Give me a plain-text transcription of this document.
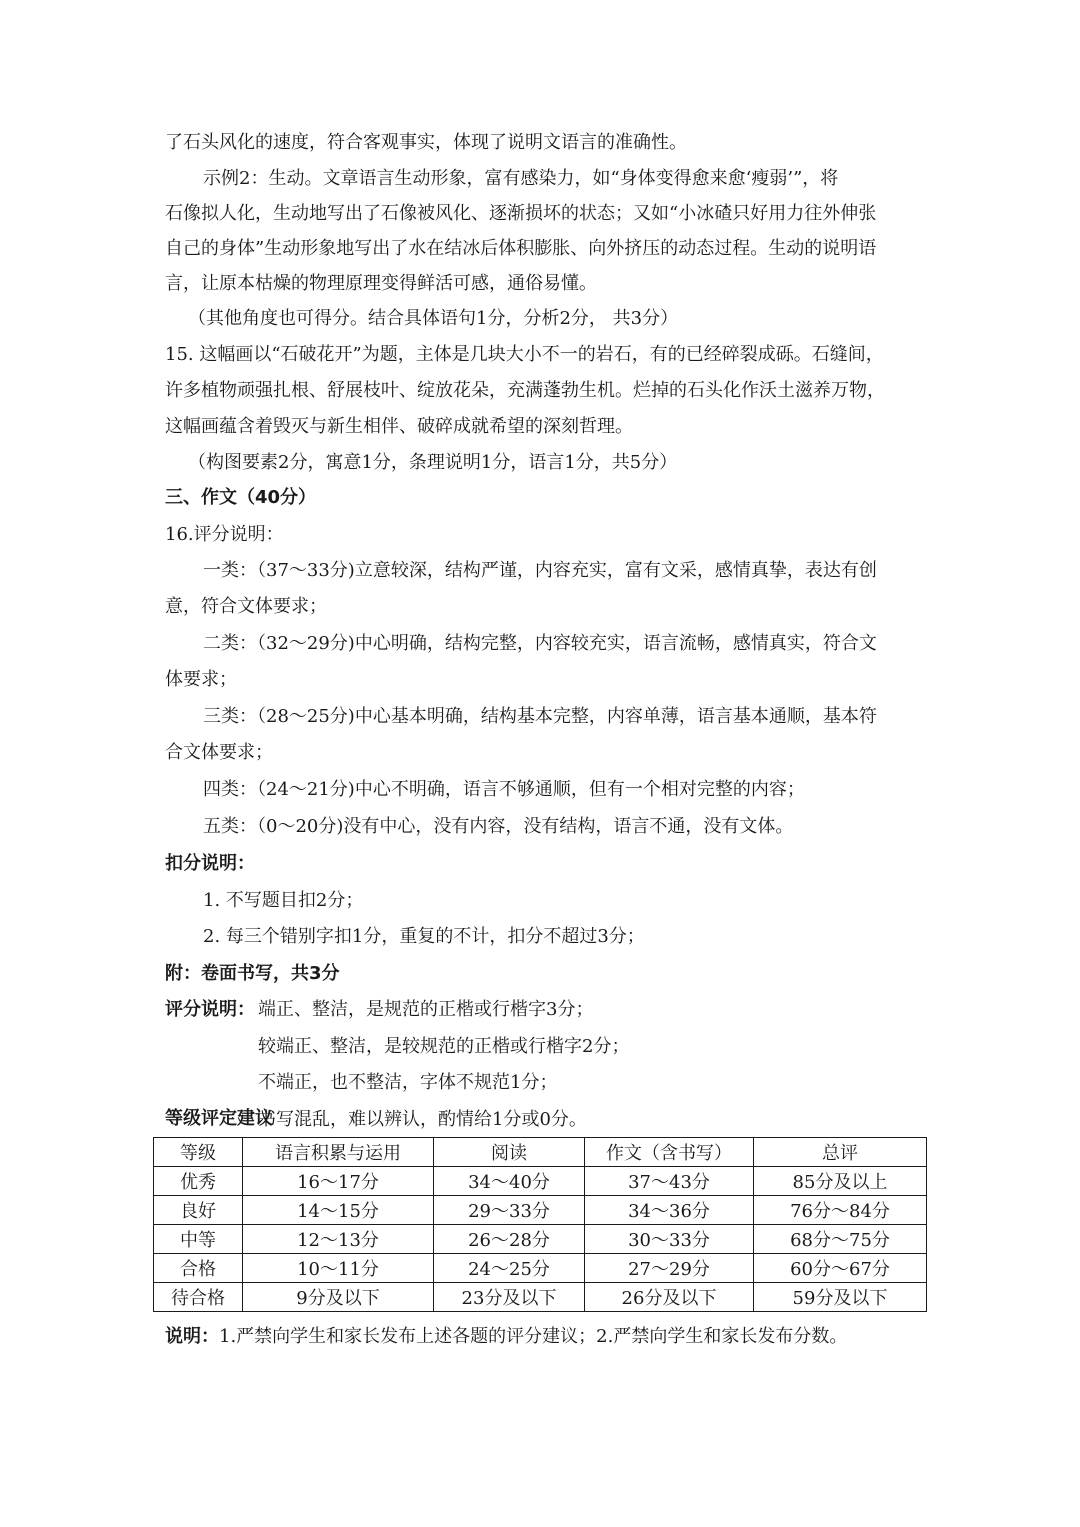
了石头风化的速度，符合客观事实，体现了说明文语言的准确性。
示例2：生动。文章语言生动形象，富有感染力，如“身体变得愈来愈‘瘦弱’”，将
石像拟人化，生动地写出了石像被风化、逐渐损坏的状态；又如“小冰碴只好用力往外伸张
自己的身体”生动形象地写出了水在结冰后体积膨胀、向外挤压的动态过程。生动的说明语
言，让原本枯燥的物理原理变得鲜活可感，通俗易懂。
（其他角度也可得分。结合具体语句1分，分析2分， 共3分）
15. 这幅画以“石破花开”为题，主体是几块大小不一的岩石，有的已经碎裂成砾。石缝间，
许多植物顽强扎根、舒展枝叶、绽放花朵，充满蓬勃生机。烂掉的石头化作沃土滋养万物，
这幅画蕴含着毁灭与新生相伴、破碎成就希望的深刻哲理。
（构图要素2分，寓意1分，条理说明1分，语言1分，共5分）
三、作文（40分）
16.评分说明：
一类：（37～33分)立意较深，结构严谨，内容充实，富有文采，感情真挚，表达有创
意，符合文体要求；
二类：（32～29分)中心明确，结构完整，内容较充实，语言流畅，感情真实，符合文
体要求；
三类：（28～25分)中心基本明确，结构基本完整，内容单薄，语言基本通顺，基本符
合文体要求；
四类：（24～21分)中心不明确，语言不够通顺，但有一个相对完整的内容；
五类：（0～20分)没有中心，没有内容，没有结构，语言不通，没有文体。
扣分说明：
1. 不写题目扣2分；
2. 每三个错别字扣1分，重复的不计，扣分不超过3分；
附：卷面书写，共3分
评分说明： 端正、整洁，是规范的正楷或行楷字3分；
较端正、整洁，是较规范的正楷或行楷字2分；
不端正，也不整洁，字体不规范1分；
书写混乱，难以辨认，酌情给1分或0分。
等级评定建议
等级	语言积累与运用	阅读	作文（含书写）	总评
优秀	16～17分	34～40分	37～43分	85分及以上
良好	14～15分	29～33分	34～36分	76分～84分
中等	12～13分	26～28分	30～33分	68分～75分
合格	10～11分	24～25分	27～29分	60分～67分
待合格	9分及以下	23分及以下	26分及以下	59分及以下
说明：1.严禁向学生和家长发布上述各题的评分建议；2.严禁向学生和家长发布分数。
